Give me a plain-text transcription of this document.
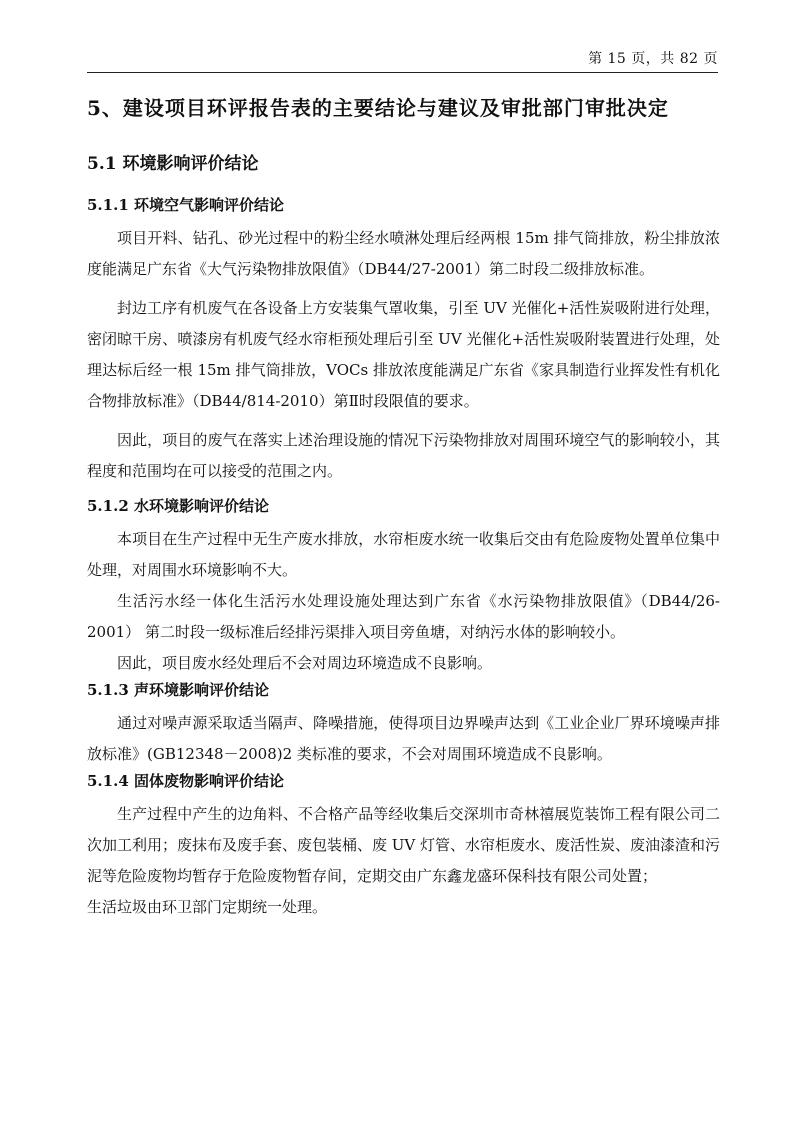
第 15 页，共 82 页
5、建设项目环评报告表的主要结论与建议及审批部门审批决定
5.1 环境影响评价结论
5.1.1 环境空气影响评价结论

项目开料、钻孔、砂光过程中的粉尘经水喷淋处理后经两根 15m 排气筒排放，粉尘排放浓度能满足广东省《大气污染物排放限值》（DB44/27-2001）第二时段二级排放标准。

封边工序有机废气在各设备上方安装集气罩收集，引至 UV 光催化+活性炭吸附进行处理，密闭晾干房、喷漆房有机废气经水帘柜预处理后引至 UV 光催化+活性炭吸附装置进行处理，处理达标后经一根 15m 排气筒排放，VOCs 排放浓度能满足广东省《家具制造行业挥发性有机化合物排放标准》（DB44/814-2010）第Ⅱ时段限值的要求。

因此，项目的废气在落实上述治理设施的情况下污染物排放对周围环境空气的影响较小，其程度和范围均在可以接受的范围之内。

5.1.2 水环境影响评价结论

本项目在生产过程中无生产废水排放，水帘柜废水统一收集后交由有危险废物处置单位集中处理，对周围水环境影响不大。

生活污水经一体化生活污水处理设施处理达到广东省《水污染物排放限值》（DB44/26-2001） 第二时段一级标准后经排污渠排入项目旁鱼塘，对纳污水体的影响较小。

因此，项目废水经处理后不会对周边环境造成不良影响。

5.1.3 声环境影响评价结论

通过对噪声源采取适当隔声、降噪措施，使得项目边界噪声达到《工业企业厂界环境噪声排放标准》(GB12348－2008)2 类标准的要求，不会对周围环境造成不良影响。

5.1.4 固体废物影响评价结论

生产过程中产生的边角料、不合格产品等经收集后交深圳市奇林禧展览装饰工程有限公司二次加工利用；废抹布及废手套、废包装桶、废 UV 灯管、水帘柜废水、废活性炭、废油漆渣和污泥等危险废物均暂存于危险废物暂存间，定期交由广东鑫龙盛环保科技有限公司处置；

生活垃圾由环卫部门定期统一处理。
